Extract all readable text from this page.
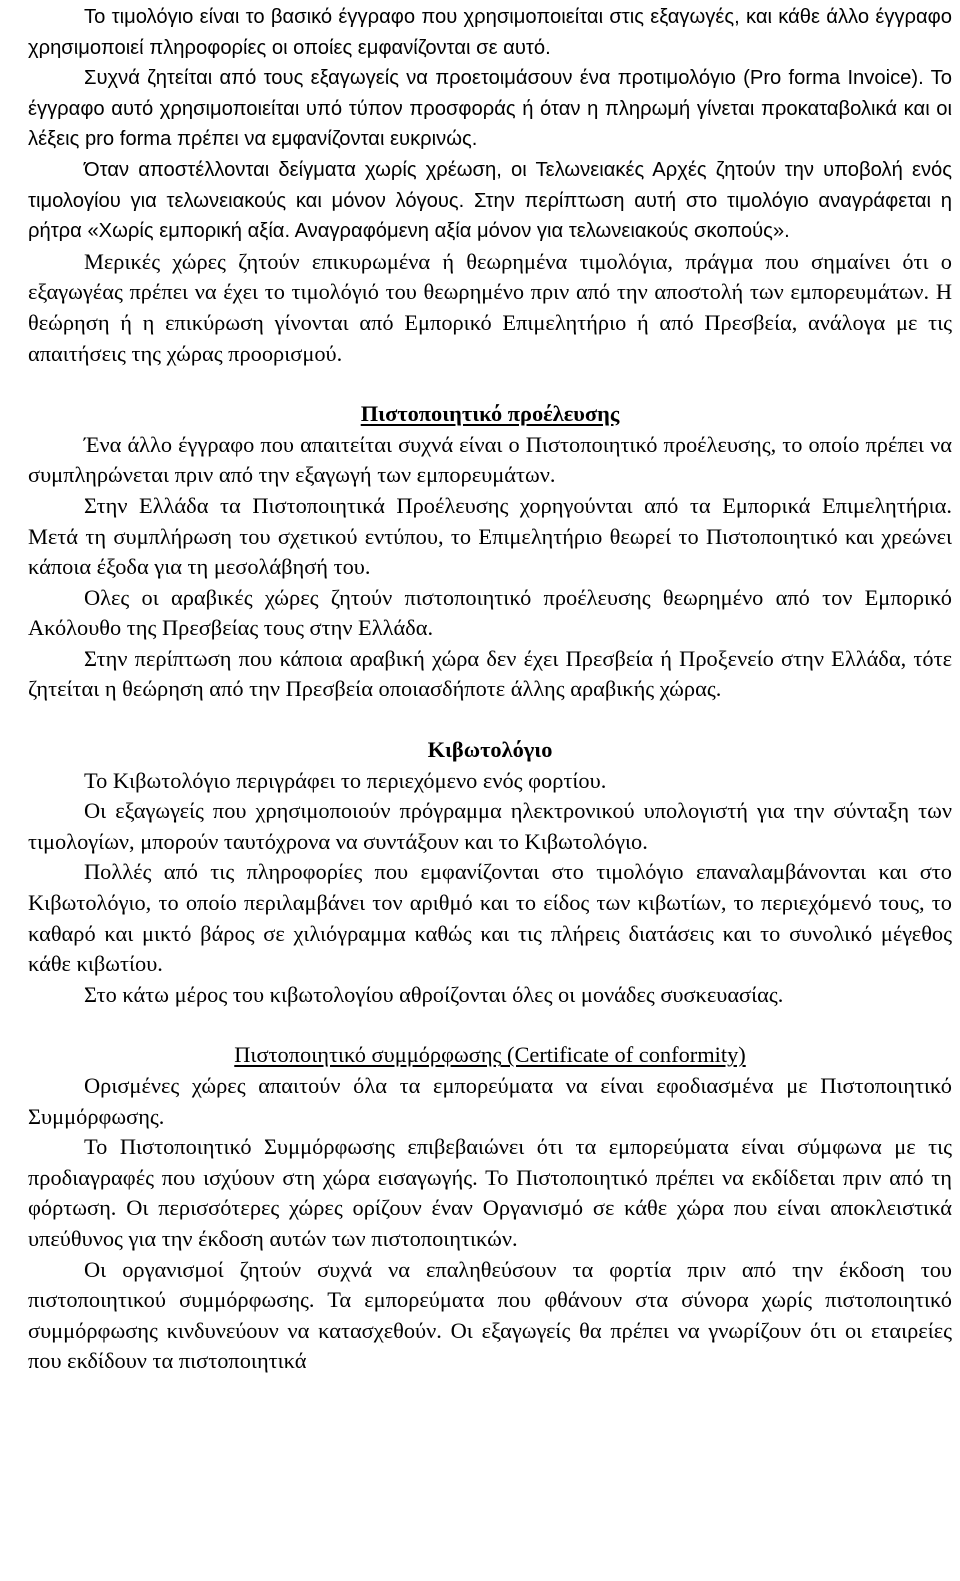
Το τιμολόγιο είναι το βασικό έγγραφο που χρησιμοποιείται στις εξαγωγές, και κάθε άλλο έγγραφο χρησιμοποιεί πληροφορίες οι οποίες εμφανίζονται σε αυτό.

Συχνά ζητείται από τους εξαγωγείς να προετοιμάσουν ένα προτιμολόγιο (Pro forma Invoice). Το έγγραφο αυτό χρησιμοποιείται υπό τύπον προσφοράς ή όταν η πληρωμή γίνεται προκαταβολικά και οι λέξεις pro forma πρέπει να εμφανίζονται ευκρινώς.

Όταν αποστέλλονται δείγματα χωρίς χρέωση, οι Τελωνειακές Αρχές ζητούν την υποβολή ενός τιμολογίου για τελωνειακούς και μόνον λόγους. Στην περίπτωση αυτή στο τιμολόγιο αναγράφεται η ρήτρα «Χωρίς εμπορική αξία. Αναγραφόμενη αξία μόνον για τελωνειακούς σκοπούς».

Μερικές χώρες ζητούν επικυρωμένα ή θεωρημένα τιμολόγια, πράγμα που σημαίνει ότι ο εξαγωγέας πρέπει να έχει το τιμολόγιό του θεωρημένο πριν από την αποστολή των εμπορευμάτων. Η θεώρηση ή η επικύρωση γίνονται από Εμπορικό Επιμελητήριο ή από Πρεσβεία, ανάλογα με τις απαιτήσεις της χώρας προορισμού.

Πιστοποιητικό προέλευσης

Ένα άλλο έγγραφο που απαιτείται συχνά είναι ο Πιστοποιητικό προέλευσης, το οποίο πρέπει να συμπληρώνεται πριν από την εξαγωγή των εμπορευμάτων.

Στην Ελλάδα τα Πιστοποιητικά Προέλευσης χορηγούνται από τα Εμπορικά Επιμελητήρια. Μετά τη συμπλήρωση του σχετικού εντύπου, το Επιμελητήριο θεωρεί το Πιστοποιητικό και χρεώνει κάποια έξοδα για τη μεσολάβησή του.

Ολες οι αραβικές χώρες ζητούν πιστοποιητικό προέλευσης θεωρημένο από τον Εμπορικό Ακόλουθο της Πρεσβείας τους στην Ελλάδα.

Στην περίπτωση που κάποια αραβική χώρα δεν έχει Πρεσβεία ή Προξενείο στην Ελλάδα, τότε ζητείται η θεώρηση από την Πρεσβεία οποιασδήποτε άλλης αραβικής χώρας.

Κιβωτολόγιο

Το Κιβωτολόγιο περιγράφει το περιεχόμενο ενός φορτίου.

Οι εξαγωγείς που χρησιμοποιούν πρόγραμμα ηλεκτρονικού υπολογιστή για την σύνταξη των τιμολογίων, μπορούν ταυτόχρονα να συντάξουν και το Κιβωτολόγιο.

Πολλές από τις πληροφορίες που εμφανίζονται στο τιμολόγιο επαναλαμβάνονται και στο Κιβωτολόγιο, το οποίο περιλαμβάνει τον αριθμό και το είδος των κιβωτίων, το περιεχόμενό τους, το καθαρό και μικτό βάρος σε χιλιόγραμμα καθώς και τις πλήρεις διατάσεις και το συνολικό μέγεθος κάθε κιβωτίου.

Στο κάτω μέρος του κιβωτολογίου αθροίζονται όλες οι μονάδες συσκευασίας.

Πιστοποιητικό συμμόρφωσης (Certificate of conformity)

Ορισμένες χώρες απαιτούν όλα τα εμπορεύματα να είναι εφοδιασμένα με Πιστοποιητικό Συμμόρφωσης.

Το Πιστοποιητικό Συμμόρφωσης επιβεβαιώνει ότι τα εμπορεύματα είναι σύμφωνα με τις προδιαγραφές που ισχύουν στη χώρα εισαγωγής. Το Πιστοποιητικό πρέπει να εκδίδεται πριν από τη φόρτωση. Οι περισσότερες χώρες ορίζουν έναν Οργανισμό σε κάθε χώρα που είναι αποκλειστικά υπεύθυνος για την έκδοση αυτών των πιστοποιητικών.

Οι οργανισμοί ζητούν συχνά να επαληθεύσουν τα φορτία πριν από την έκδοση του πιστοποιητικού συμμόρφωσης. Τα εμπορεύματα που φθάνουν στα σύνορα χωρίς πιστοποιητικό συμμόρφωσης κινδυνεύουν να κατασχεθούν. Οι εξαγωγείς θα πρέπει να γνωρίζουν ότι οι εταιρείες που εκδίδουν τα πιστοποιητικά
